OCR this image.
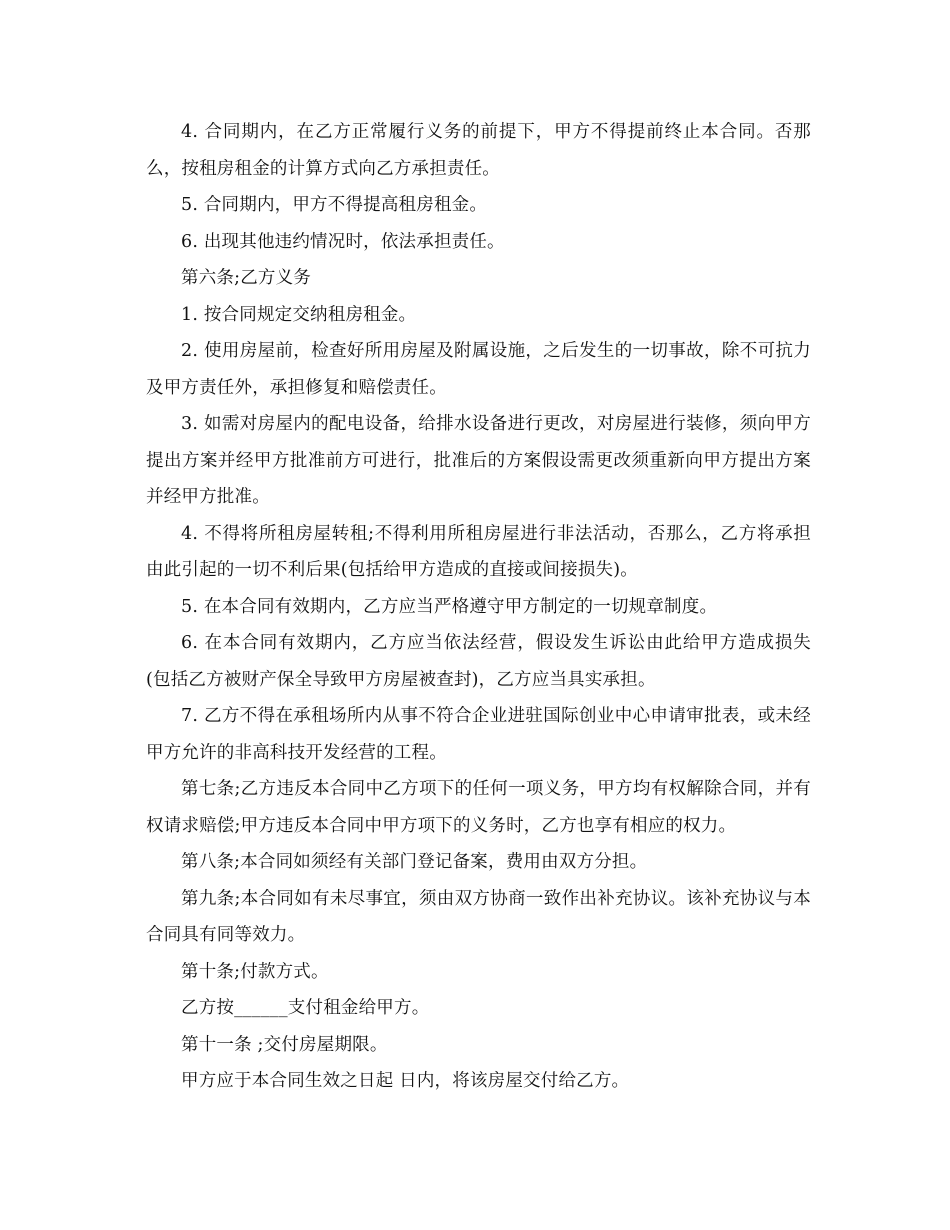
4. 合同期内，在乙方正常履行义务的前提下，甲方不得提前终止本合同。否那么，按租房租金的计算方式向乙方承担责任。

5. 合同期内，甲方不得提高租房租金。

6. 出现其他违约情况时，依法承担责任。

第六条;乙方义务

1. 按合同规定交纳租房租金。

2. 使用房屋前，检查好所用房屋及附属设施，之后发生的一切事故，除不可抗力及甲方责任外，承担修复和赔偿责任。

3. 如需对房屋内的配电设备，给排水设备进行更改，对房屋进行装修，须向甲方提出方案并经甲方批准前方可进行，批准后的方案假设需更改须重新向甲方提出方案并经甲方批准。

4. 不得将所租房屋转租;不得利用所租房屋进行非法活动，否那么，乙方将承担由此引起的一切不利后果(包括给甲方造成的直接或间接损失)。

5. 在本合同有效期内，乙方应当严格遵守甲方制定的一切规章制度。

6. 在本合同有效期内，乙方应当依法经营，假设发生诉讼由此给甲方造成损失(包括乙方被财产保全导致甲方房屋被查封)，乙方应当具实承担。

7. 乙方不得在承租场所内从事不符合企业进驻国际创业中心申请审批表，或未经甲方允许的非高科技开发经营的工程。

第七条;乙方违反本合同中乙方项下的任何一项义务，甲方均有权解除合同，并有权请求赔偿;甲方违反本合同中甲方项下的义务时，乙方也享有相应的权力。

第八条;本合同如须经有关部门登记备案，费用由双方分担。

第九条;本合同如有未尽事宜，须由双方协商一致作出补充协议。该补充协议与本合同具有同等效力。

第十条;付款方式。

乙方按______支付租金给甲方。

第十一条 ;交付房屋期限。

甲方应于本合同生效之日起 日内，将该房屋交付给乙方。
